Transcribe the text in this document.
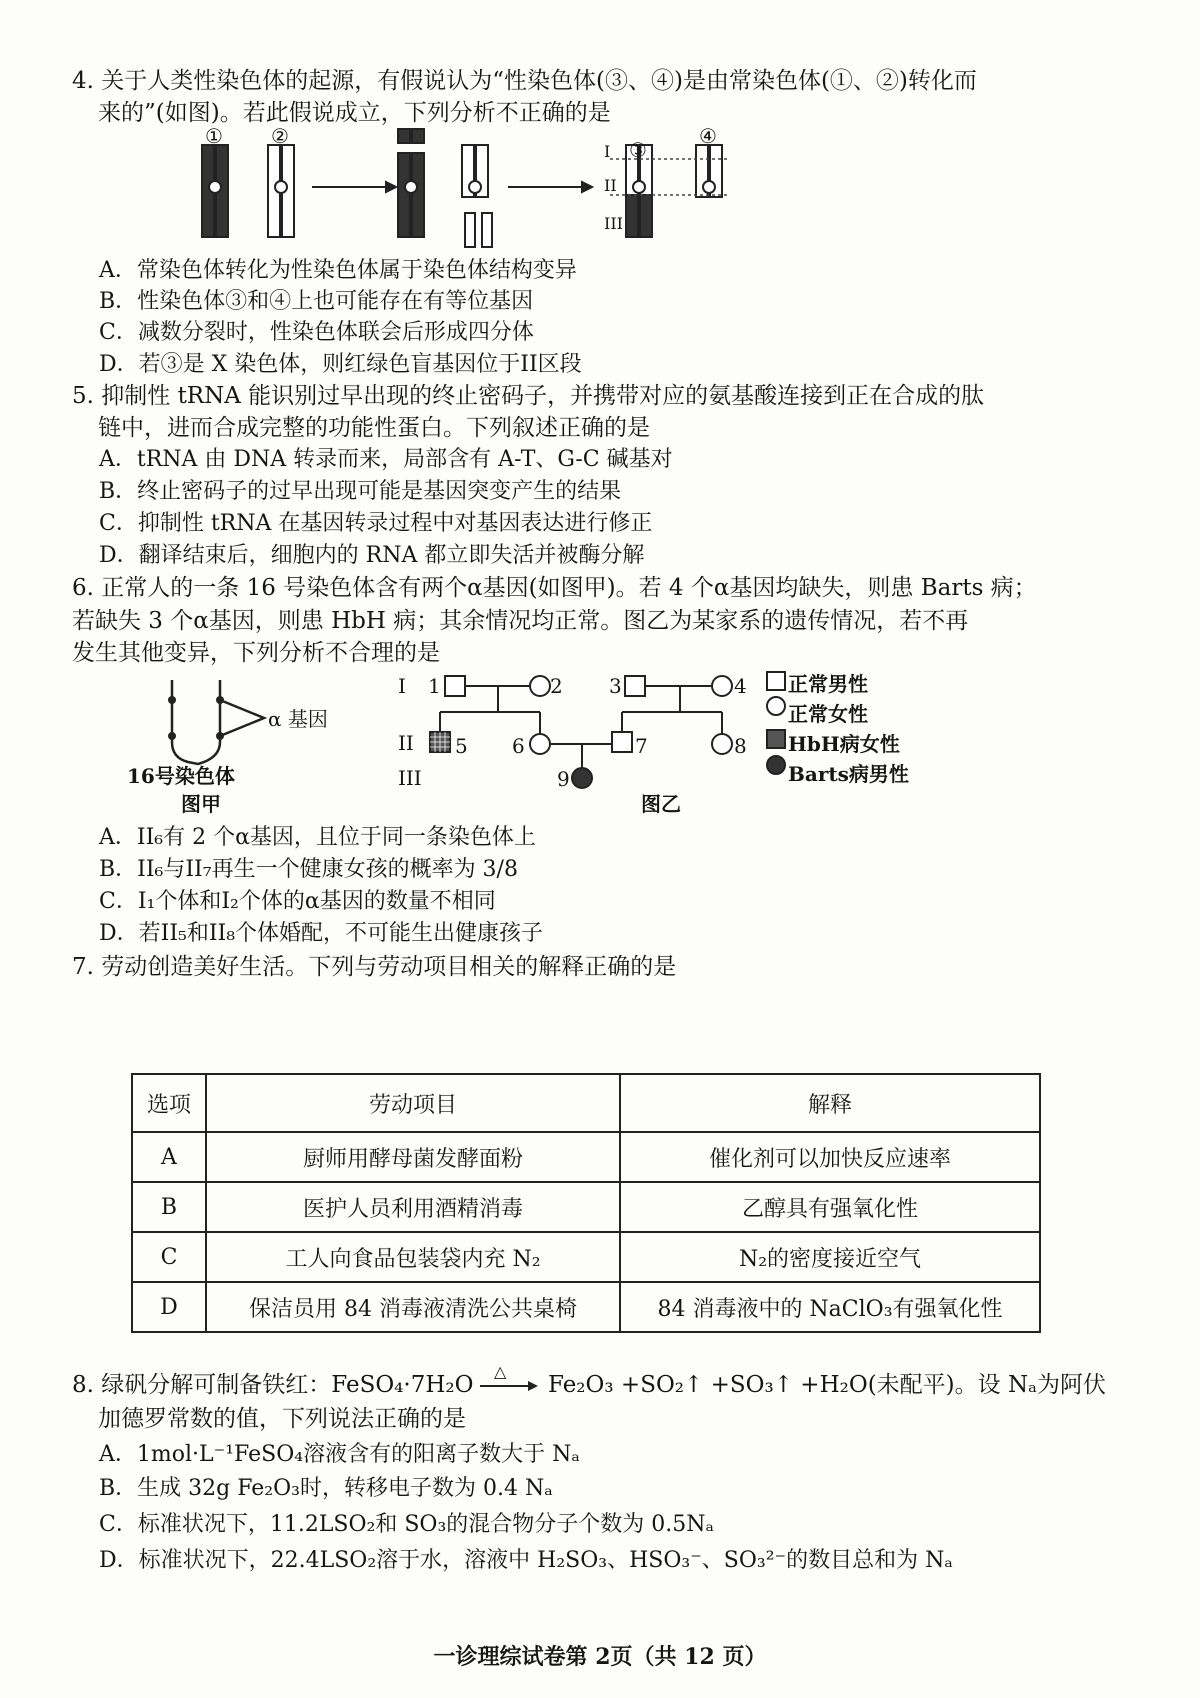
4. 关于人类性染色体的起源，有假说认为“性染色体(③、④)是由常染色体(①、②)转化而
来的”(如图)。若此假说成立，下列分析不正确的是
① ②
③
④
I
II
III
A．常染色体转化为性染色体属于染色体结构变异
B．性染色体③和④上也可能存在有等位基因
C．减数分裂时，性染色体联会后形成四分体
D．若③是 X 染色体，则红绿色盲基因位于II区段
5. 抑制性 tRNA 能识别过早出现的终止密码子，并携带对应的氨基酸连接到正在合成的肽
链中，进而合成完整的功能性蛋白。下列叙述正确的是
A．tRNA 由 DNA 转录而来，局部含有 A-T、G-C 碱基对
B．终止密码子的过早出现可能是基因突变产生的结果
C．抑制性 tRNA 在基因转录过程中对基因表达进行修正
D．翻译结束后，细胞内的 RNA 都立即失活并被酶分解
6. 正常人的一条 16 号染色体含有两个α基因(如图甲)。若 4 个α基因均缺失，则患 Barts 病；
若缺失 3 个α基因，则患 HbH 病；其余情况均正常。图乙为某家系的遗传情况，若不再
发生其他变异，下列分析不合理的是
α 基因
16号染色体
图甲
I
II
III
1	2 3	4
5 6	7	8
9
图乙
正常男性
正常女性
HbH病女性
Barts病男性
A．II₆有 2 个α基因，且位于同一条染色体上
B．II₆与II₇再生一个健康女孩的概率为 3/8
C．I₁个体和I₂个体的α基因的数量不相同
D．若II₅和II₈个体婚配，不可能生出健康孩子
7. 劳动创造美好生活。下列与劳动项目相关的解释正确的是
选项	劳动项目	解释
A	厨师用酵母菌发酵面粉	催化剂可以加快反应速率
B	医护人员利用酒精消毒	乙醇具有强氧化性
C	工人向食品包装袋内充 N₂	N₂的密度接近空气
D	保洁员用 84 消毒液清洗公共桌椅	84 消毒液中的 NaClO₃有强氧化性
8. 绿矾分解可制备铁红：FeSO₄·7H₂O
△
Fe₂O₃ +SO₂↑ +SO₃↑ +H₂O(未配平)。设 Nₐ为阿伏
加德罗常数的值，下列说法正确的是
A．1mol·L⁻¹FeSO₄溶液含有的阳离子数大于 Nₐ
B．生成 32g Fe₂O₃时，转移电子数为 0.4 Nₐ
C．标准状况下，11.2LSO₂和 SO₃的混合物分子个数为 0.5Nₐ
D．标准状况下，22.4LSO₂溶于水，溶液中 H₂SO₃、HSO₃⁻、SO₃²⁻的数目总和为 Nₐ
一诊理综试卷第 2页（共 12 页）
